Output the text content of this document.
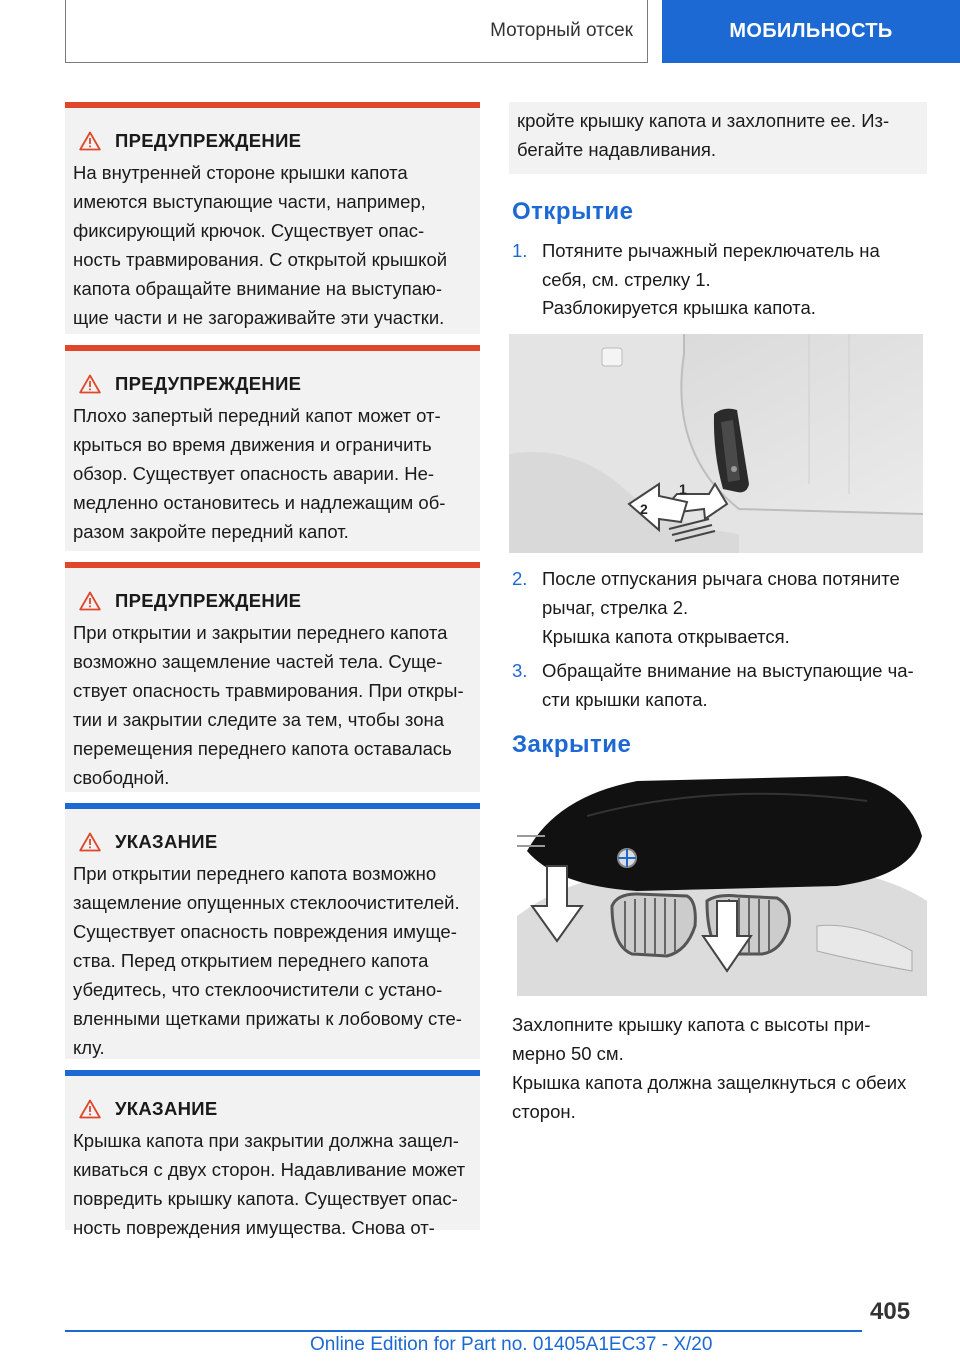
Моторный отсек	МОБИЛЬНОСТЬ
ПРЕДУПРЕЖДЕНИЕ
На внутренней стороне крышки капота
имеются выступающие части, например,
фиксирующий крючок. Существует опас-
ность травмирования. С открытой крышкой
капота обращайте внимание на выступаю-
щие части и не загораживайте эти участки.
ПРЕДУПРЕЖДЕНИЕ
Плохо запертый передний капот может от-
крыться во время движения и ограничить
обзор. Существует опасность аварии. Не-
медленно остановитесь и надлежащим об-
разом закройте передний капот.
ПРЕДУПРЕЖДЕНИЕ
При открытии и закрытии переднего капота
возможно защемление частей тела. Суще-
ствует опасность травмирования. При откры-
тии и закрытии следите за тем, чтобы зона
перемещения переднего капота оставалась
свободной.
УКАЗАНИЕ
При открытии переднего капота возможно
защемление опущенных стеклоочистителей.
Существует опасность повреждения имуще-
ства. Перед открытием переднего капота
убедитесь, что стеклоочистители с устано-
вленными щетками прижаты к лобовому сте-
клу.
УКАЗАНИЕ
Крышка капота при закрытии должна защел-
киваться с двух сторон. Надавливание может
повредить крышку капота. Существует опас-
ность повреждения имущества. Снова от-
кройте крышку капота и захлопните ее. Из-
бегайте надавливания.
Открытие
1. Потяните рычажный переключатель на
себя, см. стрелку 1.
Разблокируется крышка капота.
2
1
2. После отпускания рычага снова потяните
рычаг, стрелка 2.
Крышка капота открывается.
3. Обращайте внимание на выступающие ча-
сти крышки капота.
Закрытие
Захлопните крышку капота с высоты при-
мерно 50 см.
Крышка капота должна защелкнуться с обеих
сторон.
405
Online Edition for Part no. 01405A1EC37 - X/20
